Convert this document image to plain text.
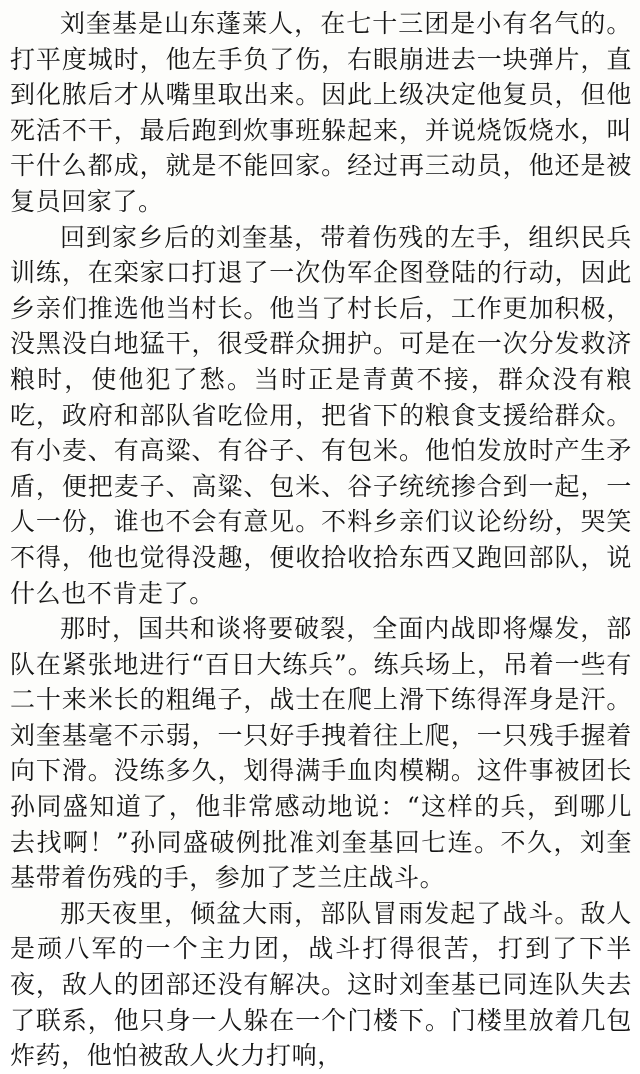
刘奎基是山东蓬莱人，在七十三团是小有名气的。打平度城时，他左手负了伤，右眼崩进去一块弹片，直到化脓后才从嘴里取出来。因此上级决定他复员，但他死活不干，最后跑到炊事班躲起来，并说烧饭烧水，叫干什么都成，就是不能回家。经过再三动员，他还是被复员回家了。

回到家乡后的刘奎基，带着伤残的左手，组织民兵训练，在栾家口打退了一次伪军企图登陆的行动，因此乡亲们推选他当村长。他当了村长后，工作更加积极，没黑没白地猛干，很受群众拥护。可是在一次分发救济粮时，使他犯了愁。当时正是青黄不接，群众没有粮吃，政府和部队省吃俭用，把省下的粮食支援给群众。有小麦、有高粱、有谷子、有包米。他怕发放时产生矛盾，便把麦子、高粱、包米、谷子统统掺合到一起，一人一份，谁也不会有意见。不料乡亲们议论纷纷，哭笑不得，他也觉得没趣，便收拾收拾东西又跑回部队，说什么也不肯走了。

那时，国共和谈将要破裂，全面内战即将爆发，部队在紧张地进行“百日大练兵”。练兵场上，吊着一些有二十来米长的粗绳子，战士在爬上滑下练得浑身是汗。刘奎基毫不示弱，一只好手拽着往上爬，一只残手握着向下滑。没练多久，划得满手血肉模糊。这件事被团长孙同盛知道了，他非常感动地说：“这样的兵，到哪儿去找啊！”孙同盛破例批准刘奎基回七连。不久，刘奎基带着伤残的手，参加了芝兰庄战斗。

那天夜里，倾盆大雨，部队冒雨发起了战斗。敌人是顽八军的一个主力团，战斗打得很苦，打到了下半夜，敌人的团部还没有解决。这时刘奎基已同连队失去了联系，他只身一人躲在一个门楼下。门楼里放着几包炸药，他怕被敌人火力打响，
